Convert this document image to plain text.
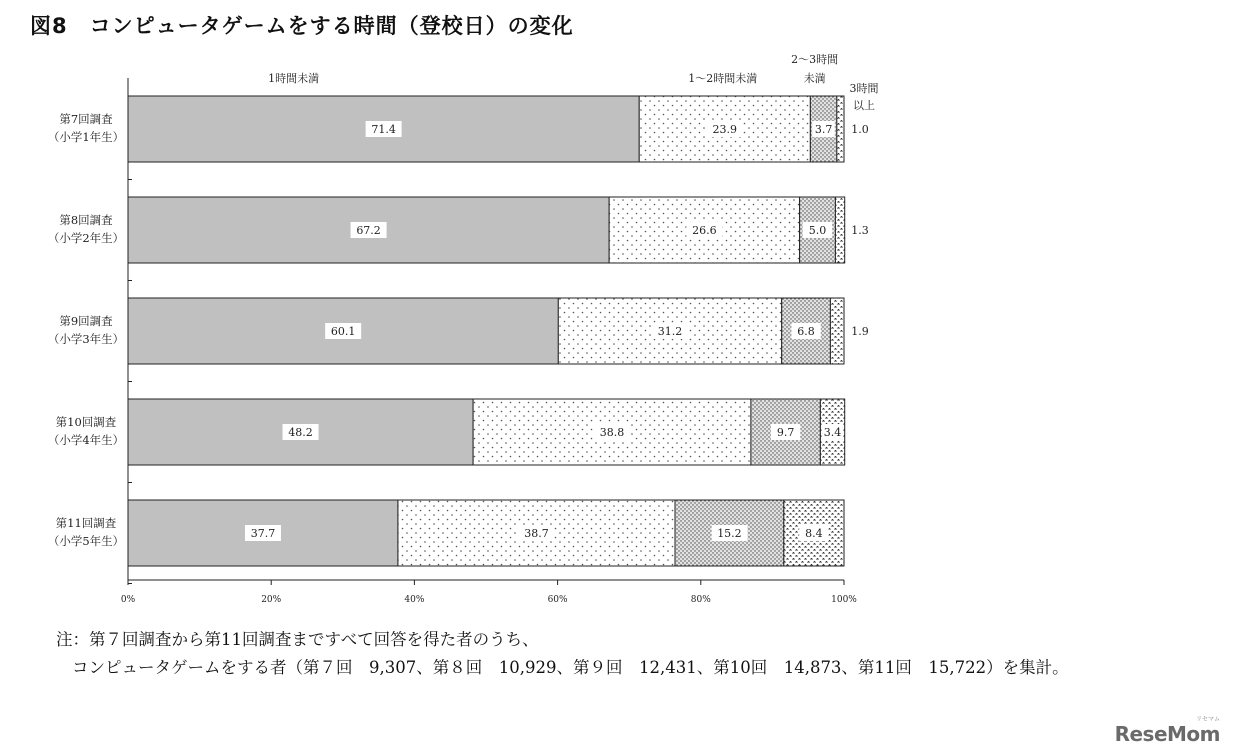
図8　コンピュータゲームをする時間（登校日）の変化
0%	20%	40%	60%	80%	100%
第7回調査
（小学1年生）
71.4	23.9	3.7 1.0
第8回調査
（小学2年生）
67.2	26.6	5.0 1.3
第9回調査
（小学3年生）
60.1	31.2	6.8	1.9
第10回調査
（小学4年生）
48.2	38.8	9.7	3.4
第11回調査
（小学5年生）
37.7	38.7	15.2	8.4
1時間未満	1～2時間未満
2～3時間
未満
3時間
以上
注：第７回調査から第11回調査まですべて回答を得た者のうち、
コンピュータゲームをする者（第７回　9,307、第８回　10,929、第９回　12,431、第10回　14,873、第11回　15,722）を集計。
リセマム
ReseMom
